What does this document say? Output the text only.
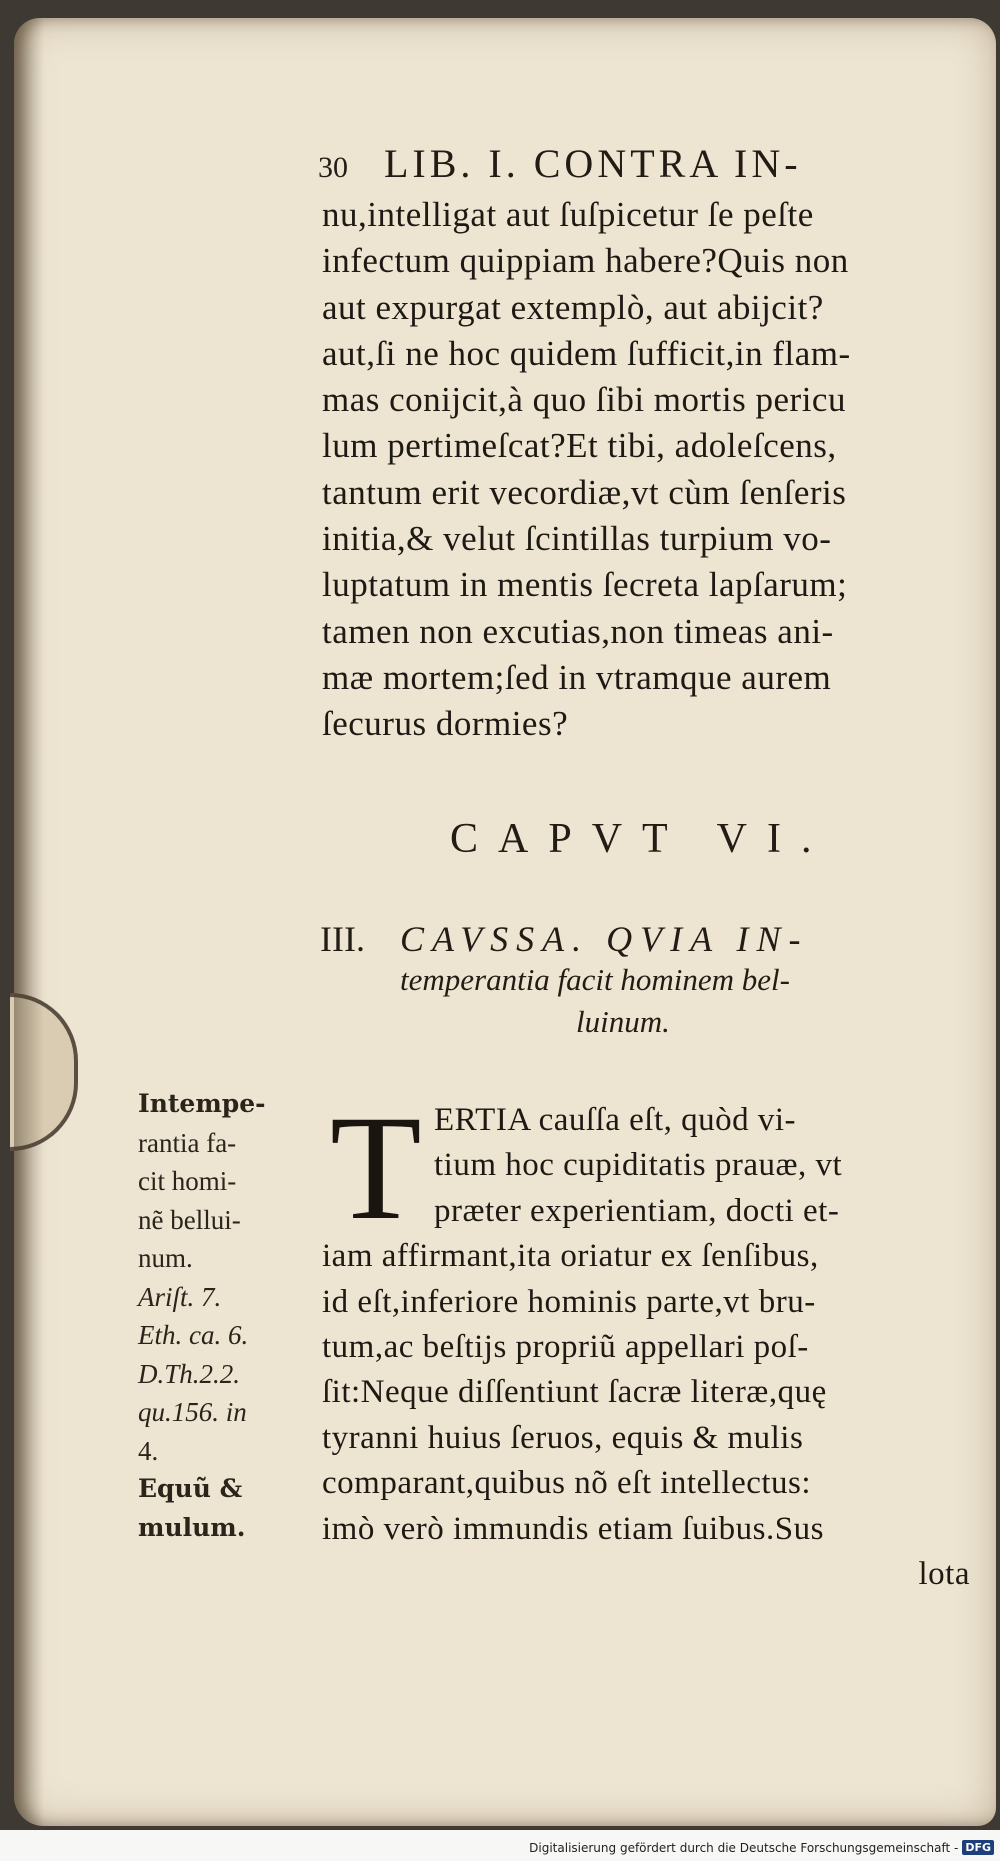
30 LIB. I. CONTRA IN-
nu,intelligat aut ſuſpicetur ſe peſte
infectum quippiam habere?Quis non
aut expurgat extemplò, aut abijcit?
aut,ſi ne hoc quidem ſufficit,in flam-
mas conijcit,à quo ſibi mortis pericu
lum pertimeſcat?Et tibi, adoleſcens,
tantum erit vecordiæ,vt cùm ſenſeris
initia,& velut ſcintillas turpium vo-
luptatum in mentis ſecreta lapſarum;
tamen non excutias,non timeas ani-
mæ mortem;ſed in vtramque aurem
ſecurus dormies?
CAPVT VI.
III. CAVSSA. QVIA IN-
temperantia facit hominem bel-
luinum.
T ERTIA cauſſa eſt, quòd vi-
tium hoc cupiditatis prauæ, vt
præter experientiam, docti et-
iam affirmant,ita oriatur ex ſenſibus,
id eſt,inferiore hominis parte,vt bru-
tum,ac beſtijs propriũ appellari poſ-
ſit:Neque diſſentiunt ſacræ literæ,quę
tyranni huius ſeruos, equis & mulis
comparant,quibus nõ eſt intellectus:
imò verò immundis etiam ſuibus.Sus
lota
Intempe-
rantia fa-
cit homi-
nẽ bellui-
num.
Ariſt. 7.
Eth. ca. 6.
D.Th.2.2.
qu.156. in
4.
Equũ &
mulum.
Digitalisierung gefördert durch die Deutsche Forschungsgemeinschaft - DFG
